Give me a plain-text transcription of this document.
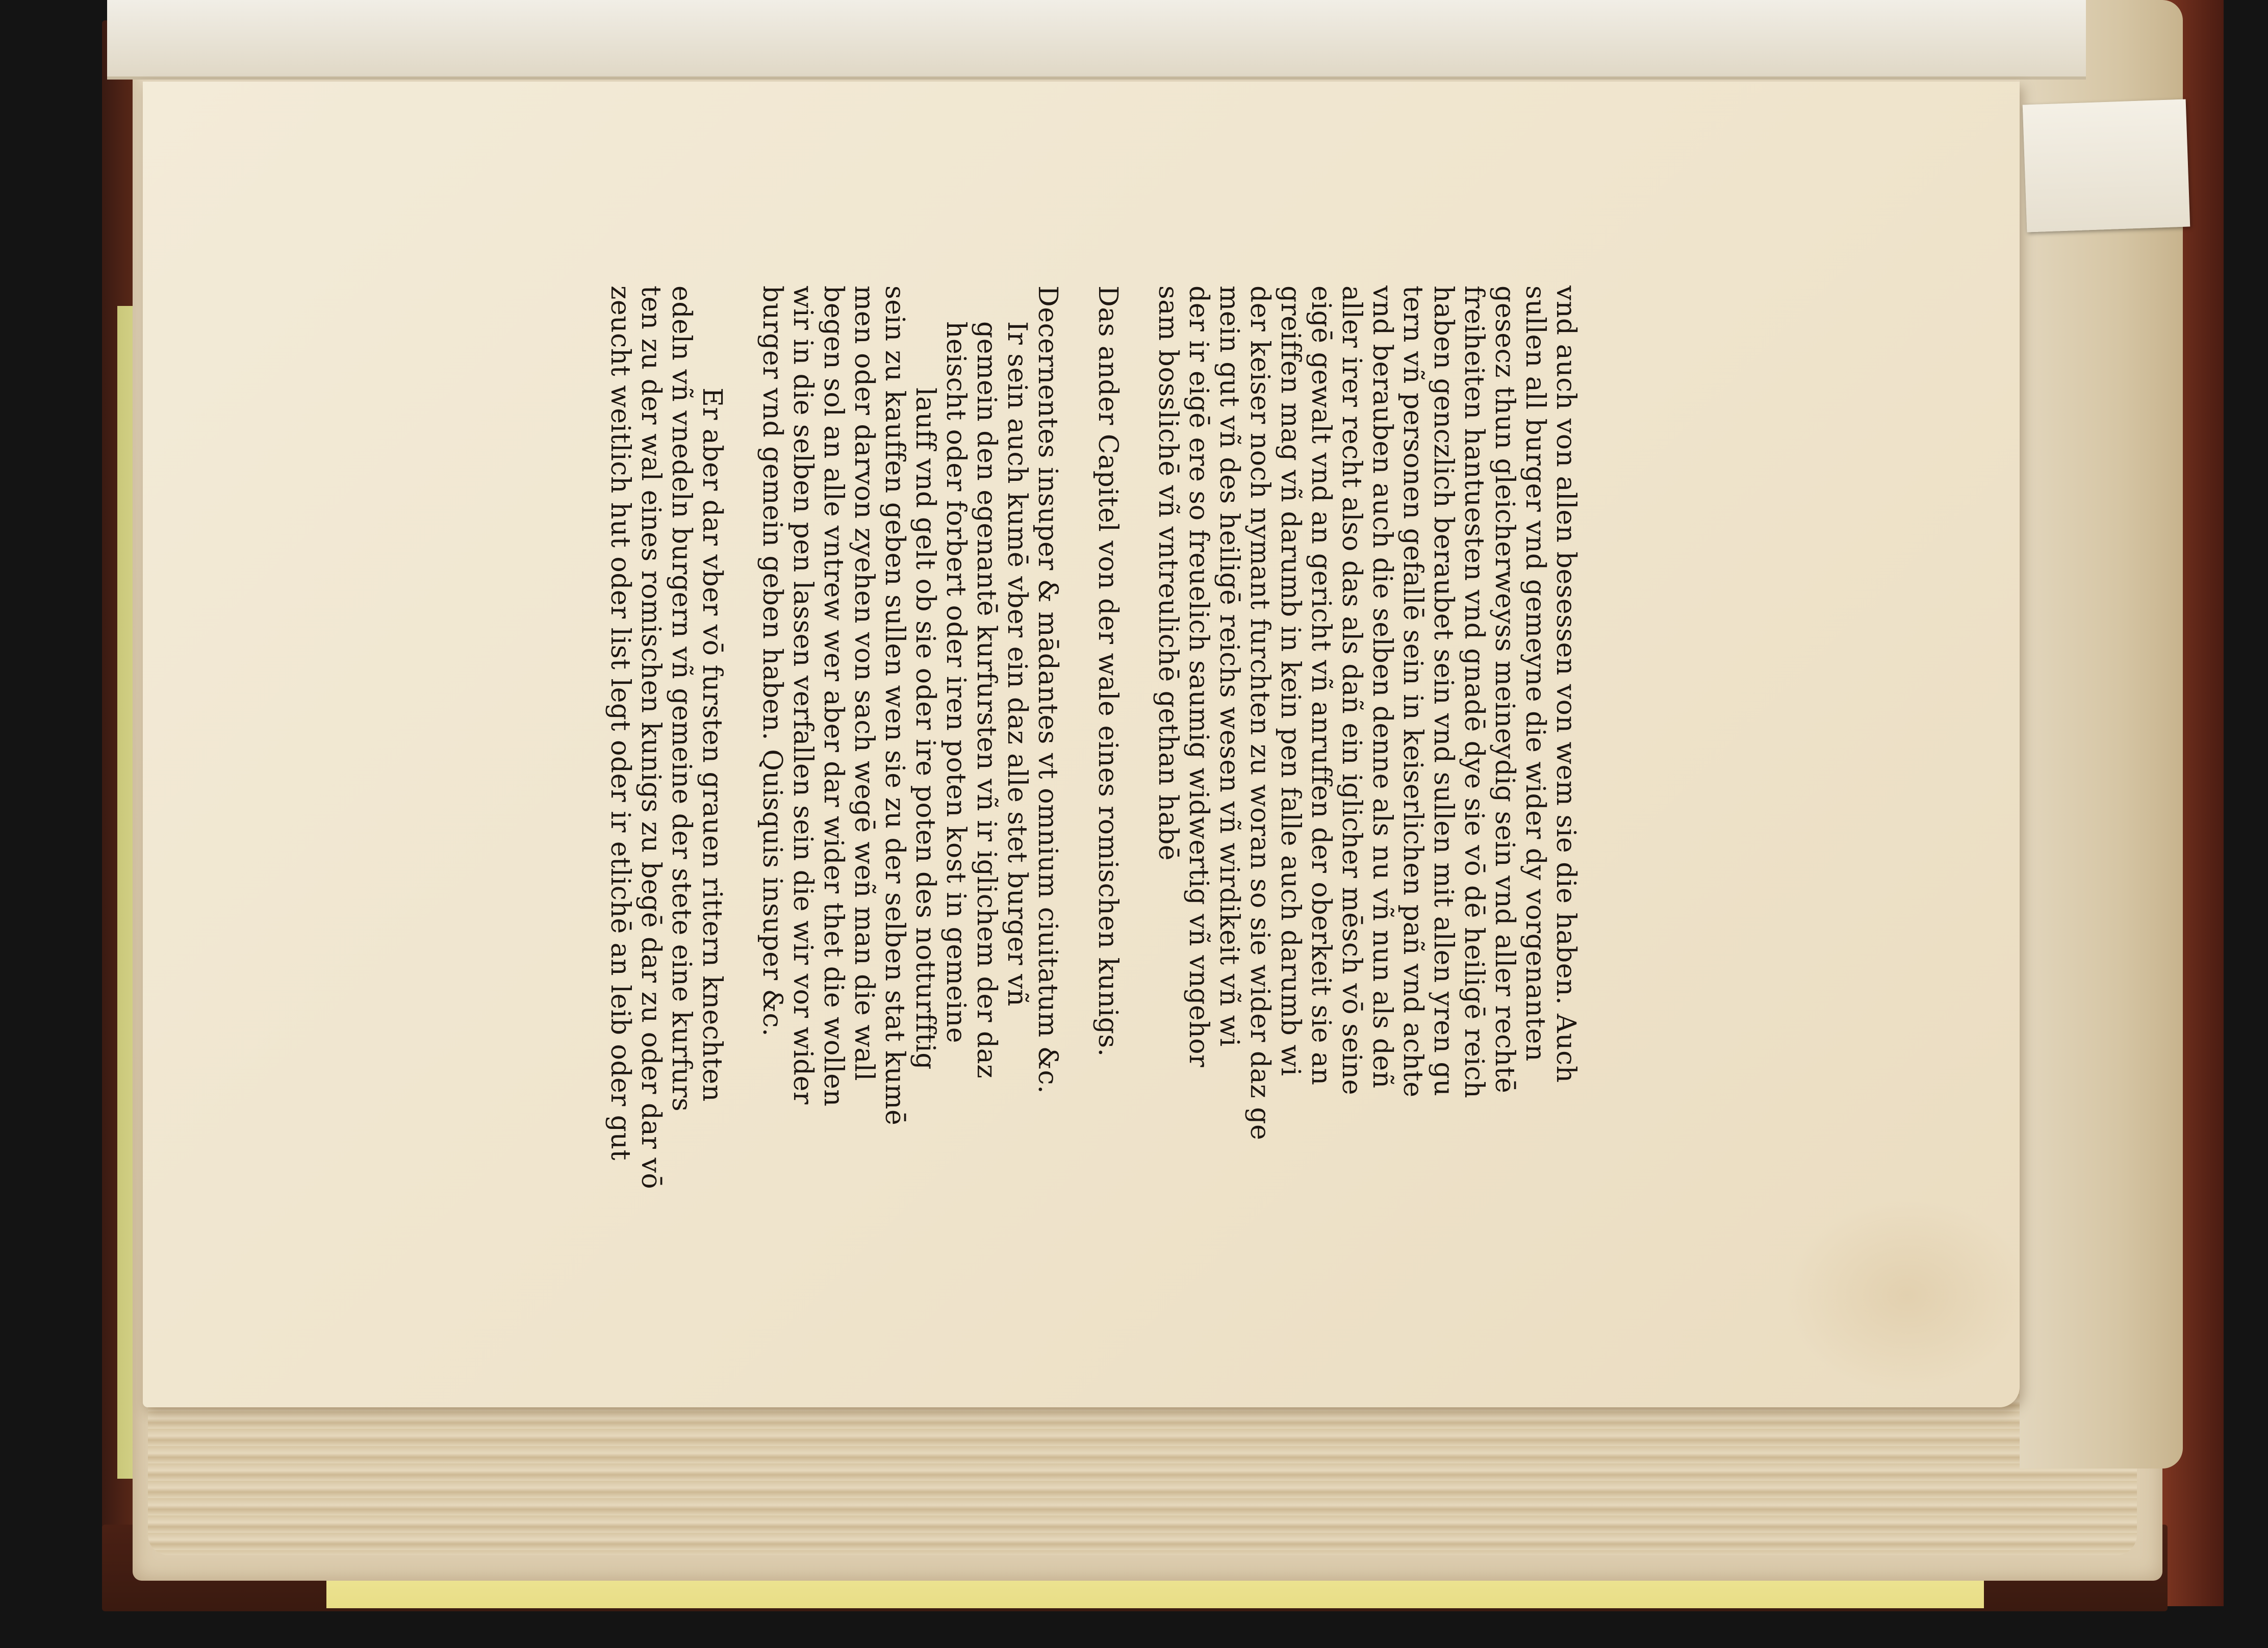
vnd auch von allen besessen von wem sie die haben. Auch
sullen all burger vnd gemeyne die wider dy vorgenanten
gesecz thun gleicherweyss meineydig sein vnd aller rechtē
freiheiten hantuesten vnd gnadē dye sie vō dē heiligē reich
haben genczlich beraubet sein vnd sullen mit allen yren gu
tern vñ personen gefallē sein in keiserlichen pañ vnd achte
vnd berauben auch die selben denne als nu vñ nun als deñ
aller irer recht also das als dañ ein iglicher mēsch vō seine
eigē gewalt vnd an gericht vñ anruffen der oberkeit sie an
greiffen mag vñ darumb in kein pen falle auch darumb wi
der keiser noch nymant furchten zu woran so sie wider daz ge
mein gut vñ des heiligē reichs wesen vñ wirdikeit vñ wi
der ir eigē ere so freuelich saumig widwertig vñ vngehor
sam bosslichē vñ vntreulichē gethan habē
Das ander Capitel von der wale eines romischen kunigs.
Decernentes insuper & mādantes vt omnium ciuitatum &c.
Ir sein auch kumē vber ein daz alle stet burger vñ
gemein den egenantē kurfursten vñ ir iglichem der daz
heischt oder forbert oder iren poten kost in gemeine
lauff vnd gelt ob sie oder ire poten des notturfftig
sein zu kauffen geben sullen wen sie zu der selben stat kumē
men oder darvon zyehen von sach wegē weñ man die wall
begen sol an alle vntrew wer aber dar wider thet die wollen
wir in die selben pen lassen verfallen sein die wir vor wider
burger vnd gemein geben haben. Quisquis insuper &c.
Er aber dar vber vō fursten grauen rittern knechten
edeln vñ vnedeln burgern vñ gemeine der stete eine kurfurs
ten zu der wal eines romischen kunigs zu begē dar zu oder dar vō
zeucht weitlich hut oder list legt oder ir etlichē an leib oder gut
